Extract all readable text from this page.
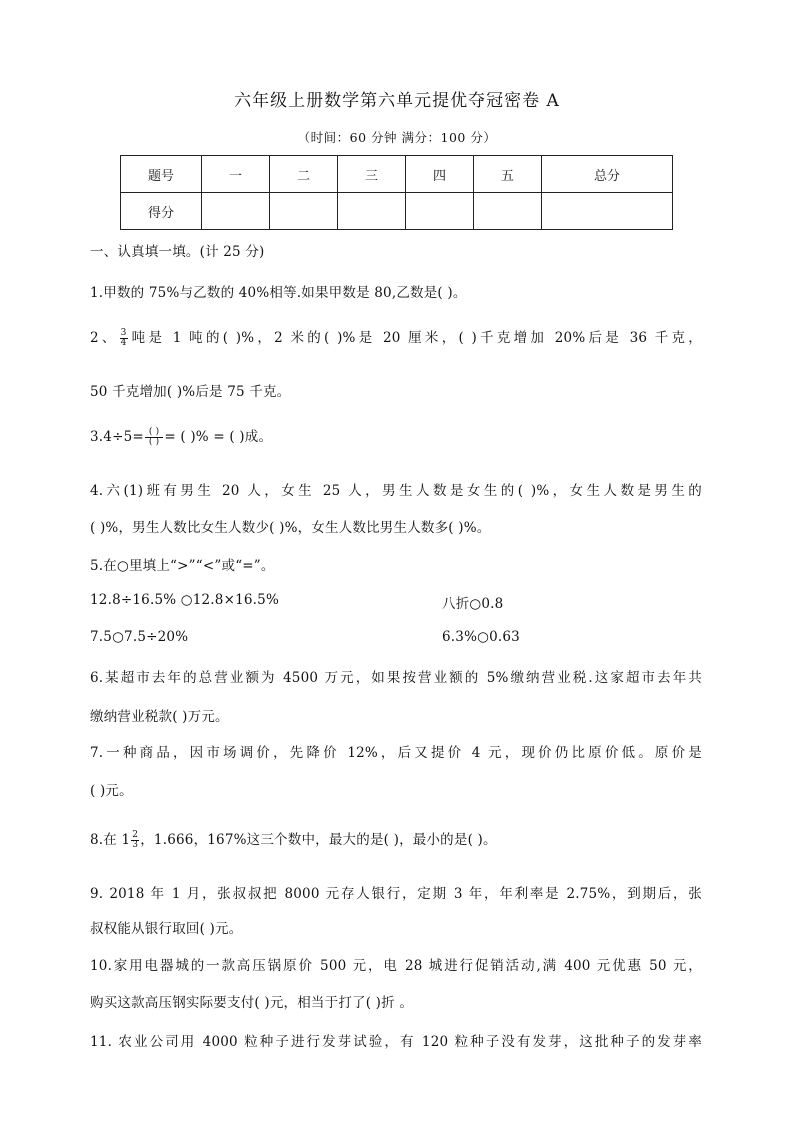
六年级上册数学第六单元提优夺冠密卷 A
（时间：60 分钟 满分：100 分）
题号	一	二	三	四	五	总分
得分						
一、认真填一填。(计 25 分)
1.甲数的 75%与乙数的 40%相等.如果甲数是 80,乙数是( )。
2、 $\frac{3}{4}$ 吨是 1 吨的( )%，2 米的( )%是 20 厘米，( )千克增加 20%后是 36 千克，
50 千克增加( )%后是 75 千克。
$3.4\div 5= \frac{( )}{( )}$ = ( )% = ( )成。
4.六(1)班有男生 20 人，女生 25 人，男生人数是女生的( )%，女生人数是男生的
( )%，男生人数比女生人数少( )%，女生人数比男生人数多( )%。
5.在○里填上“>”“<”或“=”。
12.8÷16.5% ○12.8×16.5%	八折○0.8
7.5○7.5÷20%	6.3%○0.63
6.某超市去年的总营业额为 4500 万元，如果按营业额的 5%缴纳营业税.这家超市去年共
缴纳营业税款( )万元。
7.一种商品，因市场调价，先降价 12%，后又提价 4 元，现价仍比原价低。原价是
( )元。
8.在 $1 \frac{2}{3}$ ，1.666，167%这三个数中，最大的是( )，最小的是( )。
9. 2018 年 1 月，张叔叔把 8000 元存人银行，定期 3 年，年利率是 2.75%，到期后，张
叔权能从银行取回( )元。
10.家用电器城的一款高压锅原价 500 元，电 28 城进行促销活动,满 400 元优惠 50 元，
购买这款高压钢实际要支付( )元，相当于打了( )折 。
11. 农业公司用 4000 粒种子进行发芽试验，有 120 粒种子没有发芽，这批种子的发芽率
